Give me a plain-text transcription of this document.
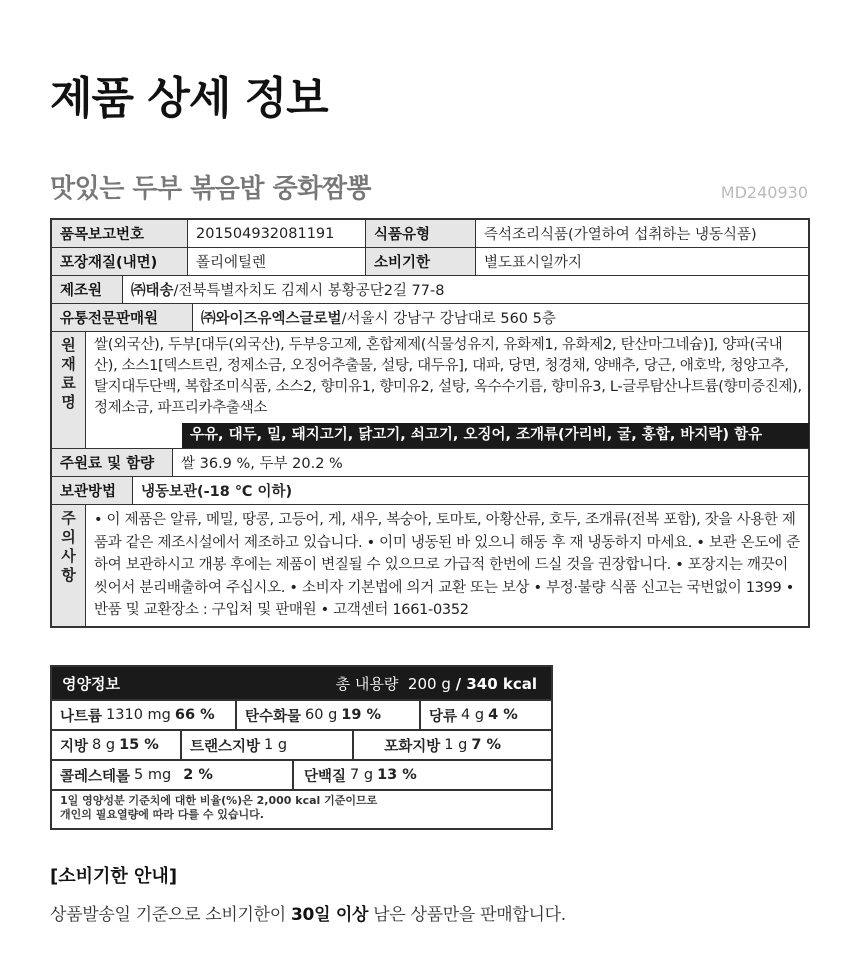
제품 상세 정보
맛있는 두부 볶음밥 중화짬뽕	MD240930
품목보고번호	201504932081191	식품유형	즉석조리식품(가열하여 섭취하는 냉동식품)
포장재질(내면)	폴리에틸렌	소비기한	별도표시일까지
제조원	㈜태송 /전북특별자치도 김제시 봉황공단2길 77-8
유통전문판매원	㈜와이즈유엑스글로벌 /서울시 강남구 강남대로 560 5층
원
재
료
명
쌀(외국산), 두부[대두(외국산), 두부응고제, 혼합제제(식물성유지, 유화제1, 유화제2, 탄산마그네슘)], 양파(국내산), 소스1[덱스트린, 정제소금, 오징어추출물, 설탕, 대두유], 대파, 당면, 청경채, 양배추, 당근, 애호박, 청양고추, 탈지대두단백, 복합조미식품, 소스2, 향미유1, 향미유2, 설탕, 옥수수기름, 향미유3, L-글루탐산나트륨(향미증진제), 정제소금, 파프리카추출색소
우유, 대두, 밀, 돼지고기, 닭고기, 쇠고기, 오징어, 조개류(가리비, 굴, 홍합, 바지락) 함유
주원료 및 함량	쌀 36.9 %, 두부 20.2 %
보관방법	냉동보관(-18 ℃ 이하)
주
의
사
항
• 이 제품은 알류, 메밀, 땅콩, 고등어, 게, 새우, 복숭아, 토마토, 아황산류, 호두, 조개류(전복 포함), 잣을 사용한 제품과 같은 제조시설에서 제조하고 있습니다. • 이미 냉동된 바 있으니 해동 후 재 냉동하지 마세요. • 보관 온도에 준하여 보관하시고 개봉 후에는 제품이 변질될 수 있으므로 가급적 한번에 드실 것을 권장합니다. • 포장지는 깨끗이 씻어서 분리배출하여 주십시오. • 소비자 기본법에 의거 교환 또는 보상 • 부정·불량 식품 신고는 국번없이 1399 • 반품 및 교환장소 : 구입처 및 판매원 • 고객센터 1661-0352
영양정보	총 내용량 200 g / 340 kcal
나트륨 1310 mg 66 % 탄수화물 60 g 19 %	당류 4 g 4 %
지방 8 g 15 % 트랜스지방 1 g	포화지방 1 g 7 %
콜레스테롤 5 mg 2 %	단백질 7 g 13 %
1일 영양성분 기준치에 대한 비율(%)은 2,000 kcal 기준이므로
개인의 필요열량에 따라 다를 수 있습니다.
[소비기한 안내]
상품발송일 기준으로 소비기한이 30일 이상 남은 상품만을 판매합니다.
